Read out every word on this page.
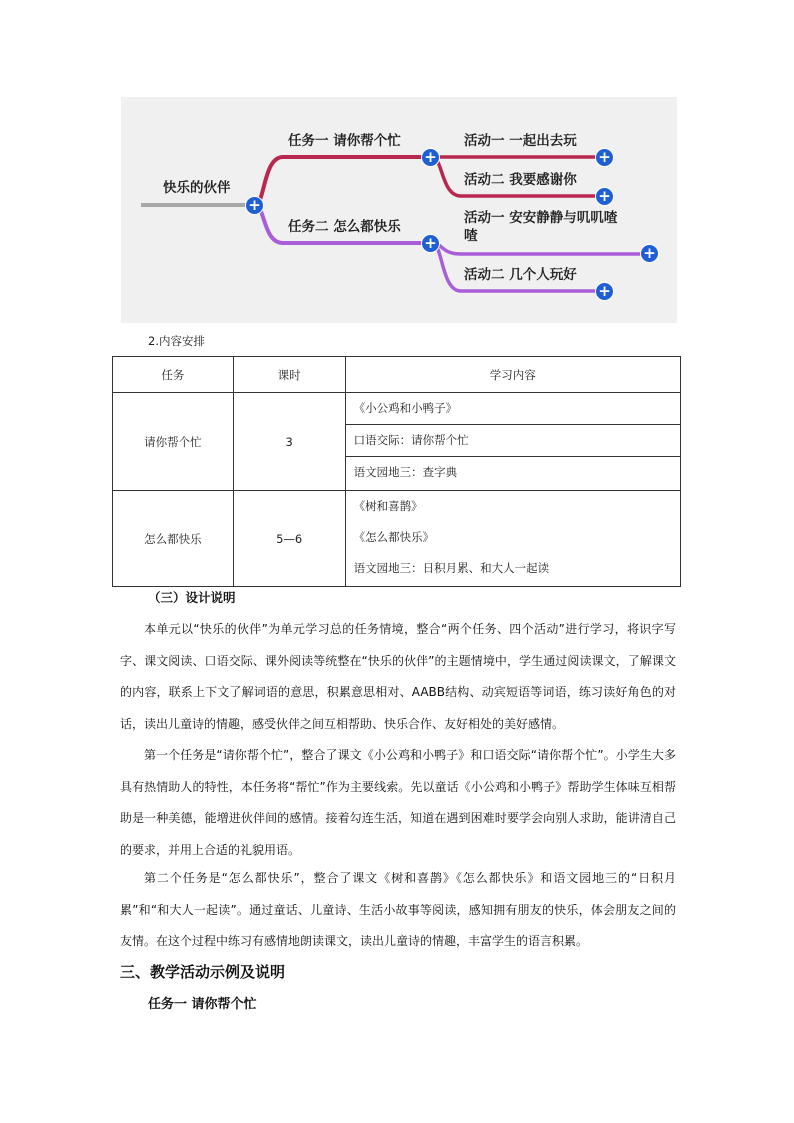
快乐的伙伴
任务一 请你帮个忙
任务二 怎么都快乐
活动一 一起出去玩
活动二 我要感谢你
活动一 安安静静与叽叽喳
喳
活动二 几个人玩好
+
+
+
+
+
+
+
2.内容安排
任务	课时	学习内容
请你帮个忙	3	《小公鸡和小鸭子》
口语交际：请你帮个忙
语文园地三：查字典

怎么都快乐	5—6	《树和喜鹊》
《怎么都快乐》
语文园地三：日积月累、和大人一起读
（三）设计说明

本单元以“快乐的伙伴”为单元学习总的任务情境，整合“两个任务、四个活动”进行学习，将识字写字、课文阅读、口语交际、课外阅读等统整在“快乐的伙伴”的主题情境中，学生通过阅读课文，了解课文的内容，联系上下文了解词语的意思，积累意思相对、AABB结构、动宾短语等词语，练习读好角色的对话，读出儿童诗的情趣，感受伙伴之间互相帮助、快乐合作、友好相处的美好感情。

第一个任务是“请你帮个忙”，整合了课文《小公鸡和小鸭子》和口语交际“请你帮个忙”。小学生大多具有热情助人的特性，本任务将“帮忙”作为主要线索。先以童话《小公鸡和小鸭子》帮助学生体味互相帮助是一种美德，能增进伙伴间的感情。接着勾连生活，知道在遇到困难时要学会向别人求助，能讲清自己的要求，并用上合适的礼貌用语。

第二个任务是“怎么都快乐”，整合了课文《树和喜鹊》《怎么都快乐》和语文园地三的“日积月累”和“和大人一起读”。通过童话、儿童诗、生活小故事等阅读，感知拥有朋友的快乐，体会朋友之间的友情。在这个过程中练习有感情地朗读课文，读出儿童诗的情趣，丰富学生的语言积累。

三、教学活动示例及说明
任务一 请你帮个忙
